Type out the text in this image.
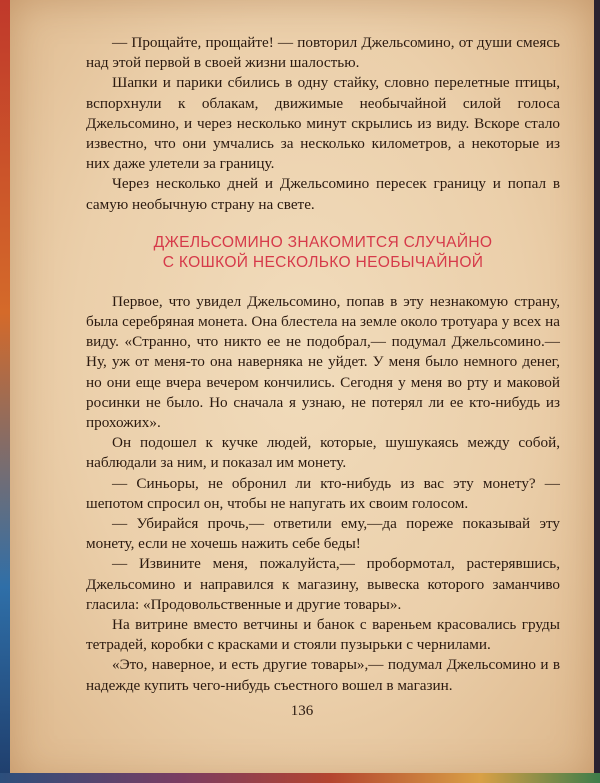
— Прощайте, прощайте! — повторил Джельсомино, от души смеясь над этой первой в своей жизни шалостью.

Шапки и парики сбились в одну стайку, словно перелетные птицы, вспорхнули к облакам, движимые необычайной силой голоса Джельсомино, и через несколько минут скрылись из виду. Вскоре стало известно, что они умчались за несколько километров, а некоторые из них даже улетели за границу.

Через несколько дней и Джельсомино пересек границу и попал в самую необычную страну на свете.

ДЖЕЛЬСОМИНО ЗНАКОМИТСЯ СЛУЧАЙНО
С КОШКОЙ НЕСКОЛЬКО НЕОБЫЧАЙНОЙ

Первое, что увидел Джельсомино, попав в эту незнакомую страну, была серебряная монета. Она блестела на земле около тротуара у всех на виду. «Странно, что никто ее не подобрал,— подумал Джельсомино.— Ну, уж от меня-то она наверняка не уйдет. У меня было немного денег, но они еще вчера вечером кончились. Сегодня у меня во рту и маковой росинки не было. Но сначала я узнаю, не потерял ли ее кто-нибудь из прохожих».

Он подошел к кучке людей, которые, шушукаясь между собой, наблюдали за ним, и показал им монету.

— Синьоры, не обронил ли кто-нибудь из вас эту монету? — шепотом спросил он, чтобы не напугать их своим голосом.

— Убирайся прочь,— ответили ему,—да пореже показывай эту монету, если не хочешь нажить себе беды!

— Извините меня, пожалуйста,— пробормотал, растерявшись, Джельсомино и направился к магазину, вывеска которого заманчиво гласила: «Продовольственные и другие товары».

На витрине вместо ветчины и банок с вареньем красовались груды тетрадей, коробки с красками и стояли пузырьки с чернилами.

«Это, наверное, и есть другие товары»,— подумал Джельсомино и в надежде купить чего-нибудь съестного вошел в магазин.

136
